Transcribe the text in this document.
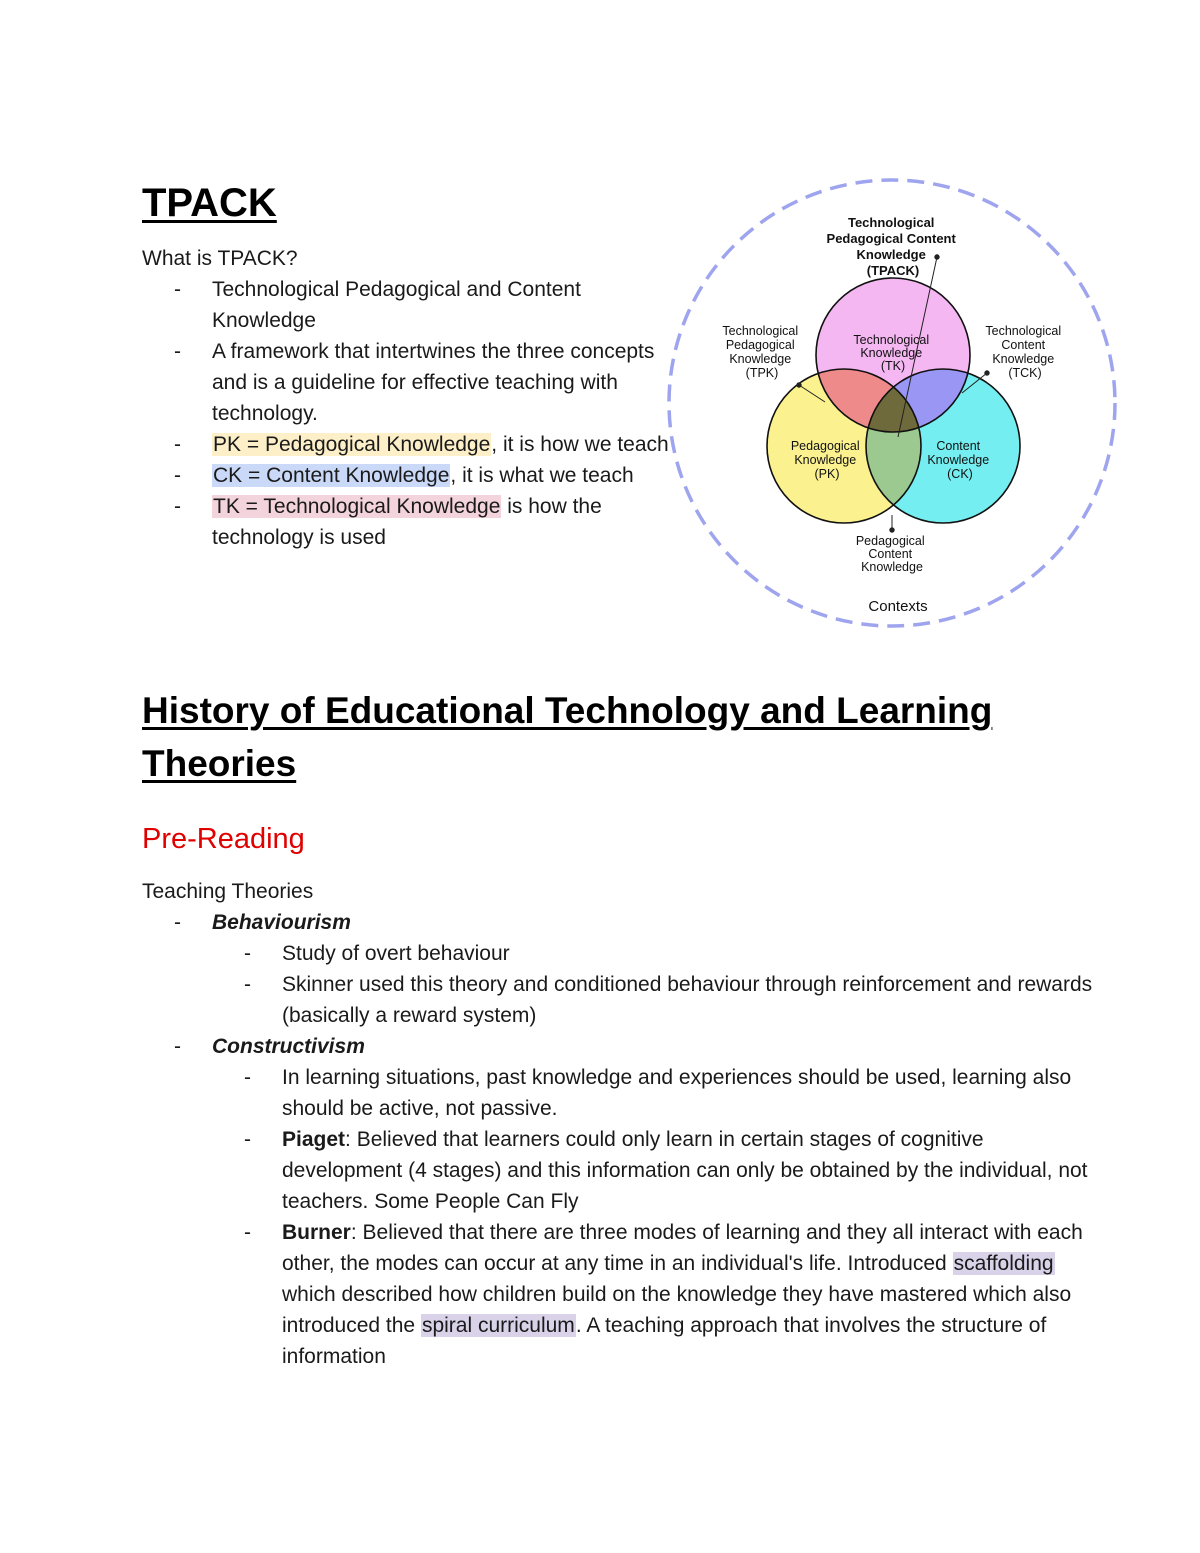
TPACK

What is TPACK?

- Technological Pedagogical and Content Knowledge
- A framework that intertwines the three concepts and is a guideline for effective teaching with technology.
- PK = Pedagogical Knowledge, it is how we teach
- CK = Content Knowledge, it is what we teach
- TK = Technological Knowledge is how the technology is used
Technological Pedagogical Content Knowledge (TPACK)
Technological Pedagogical Knowledge (TPK)
Technological Content Knowledge (TCK)
Technological Knowledge (TK)
Pedagogical Knowledge (PK)
Content Knowledge (CK)
Pedagogical Content Knowledge
Contexts
History of Educational Technology and Learning Theories
Pre-Reading

Teaching Theories

- Behaviourism
- Study of overt behaviour
- Skinner used this theory and conditioned behaviour through reinforcement and rewards (basically a reward system)
- Constructivism
- In learning situations, past knowledge and experiences should be used, learning also should be active, not passive.
- Piaget: Believed that learners could only learn in certain stages of cognitive development (4 stages) and this information can only be obtained by the individual, not teachers. Some People Can Fly
- Burner: Believed that there are three modes of learning and they all interact with each other, the modes can occur at any time in an individual's life. Introduced scaffolding which described how children build on the knowledge they have mastered which also introduced the spiral curriculum. A teaching approach that involves the structure of information
